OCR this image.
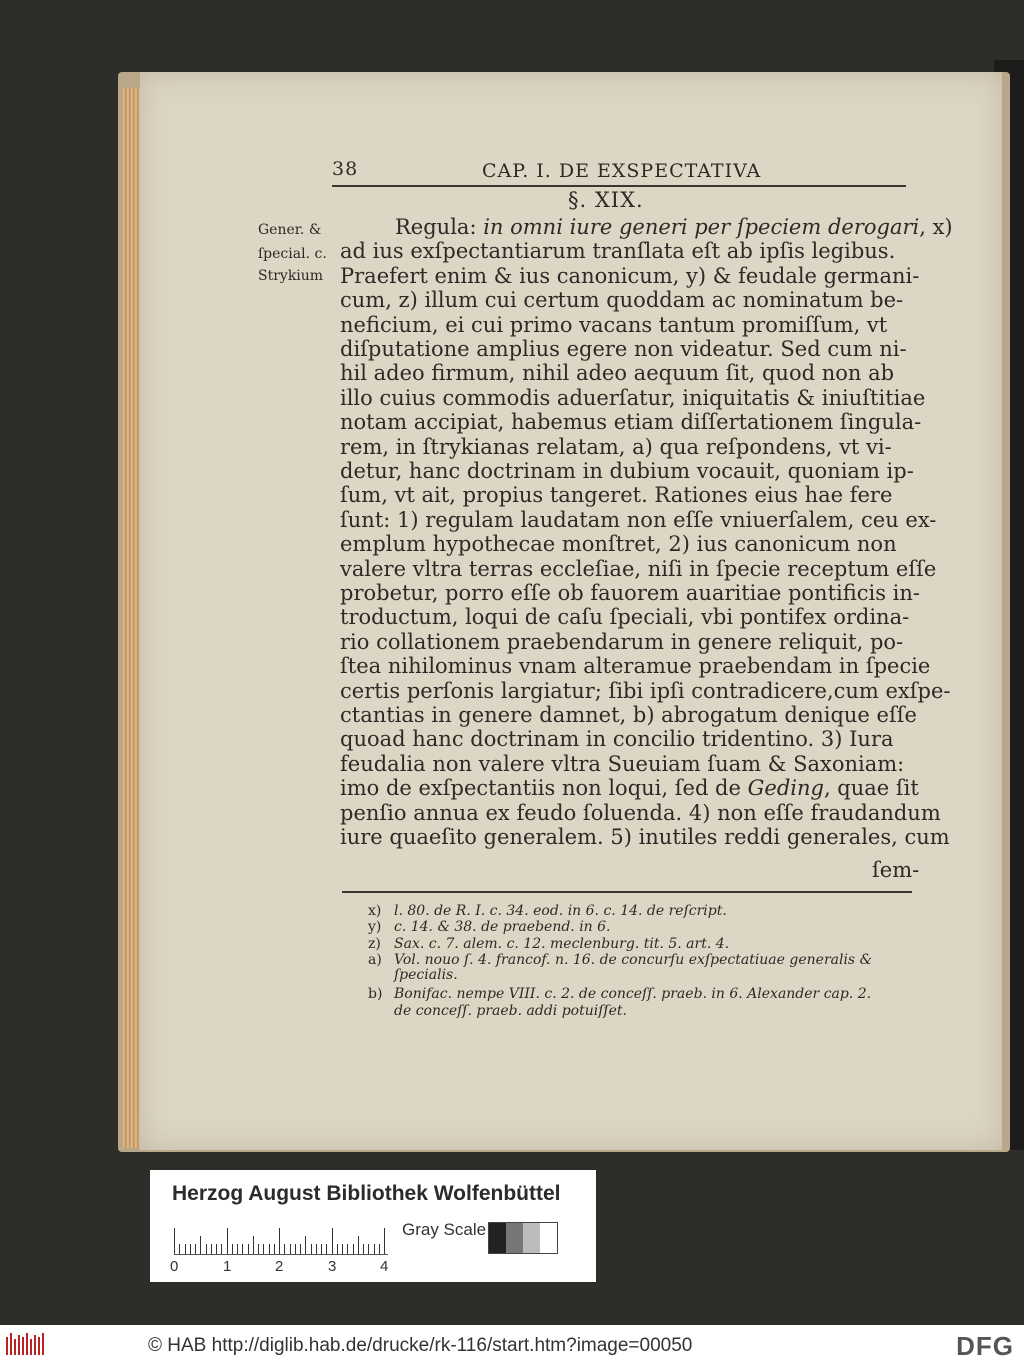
38	CAP. I. DE EXSPECTATIVA
§. XIX.
Gener. &
ſpecial. c.
Strykium
Regula: in omni iure generi per ſpeciem derogari, x)
ad ius exſpectantiarum tranſlata eſt ab ipſis legibus.
Praefert enim & ius canonicum, y) & feudale germani-
cum, z) illum cui certum quoddam ac nominatum be-
neficium, ei cui primo vacans tantum promiſſum, vt
diſputatione amplius egere non videatur. Sed cum ni-
hil adeo firmum, nihil adeo aequum ſit, quod non ab
illo cuius commodis aduerſatur, iniquitatis & iniuſtitiae
notam accipiat, habemus etiam diſſertationem ſingula-
rem, in ſtrykianas relatam, a) qua reſpondens, vt vi-
detur, hanc doctrinam in dubium vocauit, quoniam ip-
ſum, vt ait, propius tangeret. Rationes eius hae fere
ſunt: 1) regulam laudatam non eſſe vniuerſalem, ceu ex-
emplum hypothecae monſtret, 2) ius canonicum non
valere vltra terras eccleſiae, niſi in ſpecie receptum eſſe
probetur, porro eſſe ob fauorem auaritiae pontificis in-
troductum, loqui de caſu ſpeciali, vbi pontifex ordina-
rio collationem praebendarum in genere reliquit, po-
ſtea nihilominus vnam alteramue praebendam in ſpecie
certis perſonis largiatur; ſibi ipſi contradicere,cum exſpe-
ctantias in genere damnet, b) abrogatum denique eſſe
quoad hanc doctrinam in concilio tridentino. 3) Iura
feudalia non valere vltra Sueuiam ſuam & Saxoniam:
imo de exſpectantiis non loqui, ſed de Geding, quae ſit
penſio annua ex feudo ſoluenda. 4) non eſſe fraudandum
iure quaeſito generalem. 5) inutiles reddi generales, cum
ſem-
x) l. 80. de R. I. c. 34. eod. in 6. c. 14. de reſcript.
y) c. 14. & 38. de praebend. in 6.
z) Sax. c. 7. alem. c. 12. meclenburg. tit. 5. art. 4.
a) Vol. nouo ſ. 4. francof. n. 16. de concurſu exſpectatiuae generalis &
ſpecialis.
b) Bonifac. nempe VIII. c. 2. de conceſſ. praeb. in 6. Alexander cap. 2.
de conceſſ. praeb. addi potuiſſet.
Herzog August Bibliothek Wolfenbüttel
0	1	2	3	4
Gray Scale
© HAB http://diglib.hab.de/drucke/rk-116/start.htm?image=00050	DFG
